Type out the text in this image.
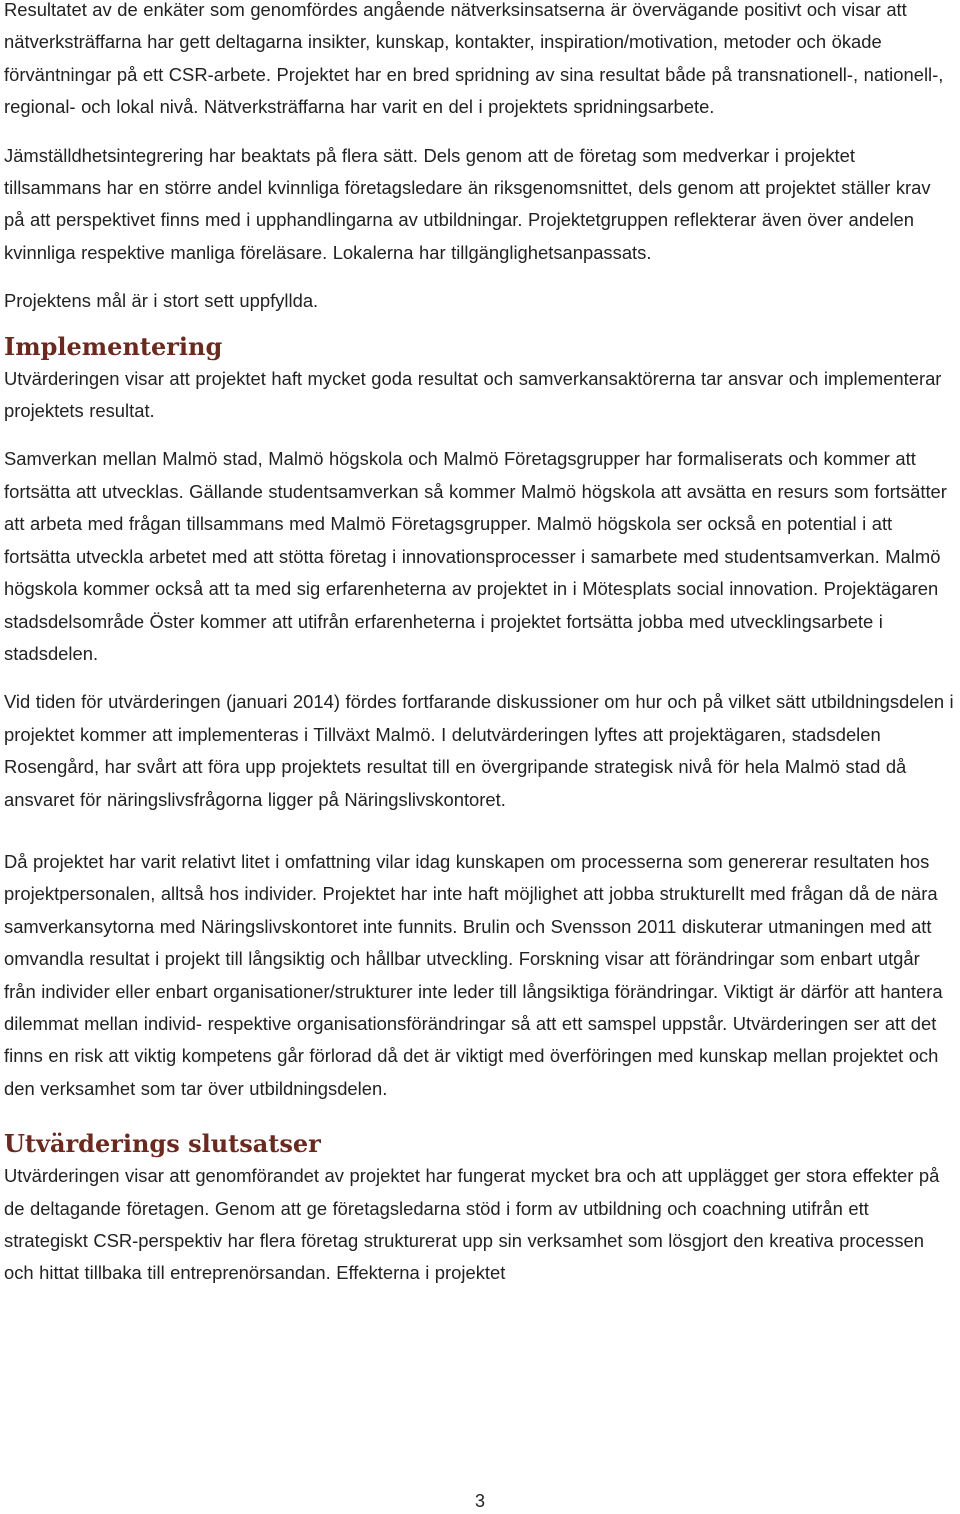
Resultatet av de enkäter som genomfördes angående nätverksinsatserna är övervägande positivt och visar att nätverksträffarna har gett deltagarna insikter, kunskap, kontakter, inspiration/motivation, metoder och ökade förväntningar på ett CSR-arbete. Projektet har en bred spridning av sina resultat både på transnationell-, nationell-, regional- och lokal nivå. Nätverksträffarna har varit en del i projektets spridningsarbete.

Jämställdhetsintegrering har beaktats på flera sätt. Dels genom att de företag som medverkar i projektet tillsammans har en större andel kvinnliga företagsledare än riksgenomsnittet, dels genom att projektet ställer krav på att perspektivet finns med i upphandlingarna av utbildningar. Projektetgruppen reflekterar även över andelen kvinnliga respektive manliga föreläsare. Lokalerna har tillgänglighetsanpassats.

Projektens mål är i stort sett uppfyllda.

Implementering

Utvärderingen visar att projektet haft mycket goda resultat och samverkansaktörerna tar ansvar och implementerar projektets resultat.

Samverkan mellan Malmö stad, Malmö högskola och Malmö Företagsgrupper har formaliserats och kommer att fortsätta att utvecklas. Gällande studentsamverkan så kommer Malmö högskola att avsätta en resurs som fortsätter att arbeta med frågan tillsammans med Malmö Företagsgrupper. Malmö högskola ser också en potential i att fortsätta utveckla arbetet med att stötta företag i innovationsprocesser i samarbete med studentsamverkan. Malmö högskola kommer också att ta med sig erfarenheterna av projektet in i Mötesplats social innovation. Projektägaren stadsdelsområde Öster kommer att utifrån erfarenheterna i projektet fortsätta jobba med utvecklingsarbete i stadsdelen.

Vid tiden för utvärderingen (januari 2014) fördes fortfarande diskussioner om hur och på vilket sätt utbildningsdelen i projektet kommer att implementeras i Tillväxt Malmö. I delutvärderingen lyftes att projektägaren, stadsdelen Rosengård, har svårt att föra upp projektets resultat till en övergripande strategisk nivå för hela Malmö stad då ansvaret för näringslivsfrågorna ligger på Näringslivskontoret.

Då projektet har varit relativt litet i omfattning vilar idag kunskapen om processerna som genererar resultaten hos projektpersonalen, alltså hos individer. Projektet har inte haft möjlighet att jobba strukturellt med frågan då de nära samverkansytorna med Näringslivskontoret inte funnits. Brulin och Svensson 2011 diskuterar utmaningen med att omvandla resultat i projekt till långsiktig och hållbar utveckling. Forskning visar att förändringar som enbart utgår från individer eller enbart organisationer/strukturer inte leder till långsiktiga förändringar. Viktigt är därför att hantera dilemmat mellan individ- respektive organisationsförändringar så att ett samspel uppstår. Utvärderingen ser att det finns en risk att viktig kompetens går förlorad då det är viktigt med överföringen med kunskap mellan projektet och den verksamhet som tar över utbildningsdelen.

Utvärderings slutsatser

Utvärderingen visar att genomförandet av projektet har fungerat mycket bra och att upplägget ger stora effekter på de deltagande företagen. Genom att ge företagsledarna stöd i form av utbildning och coachning utifrån ett strategiskt CSR-perspektiv har flera företag strukturerat upp sin verksamhet som lösgjort den kreativa processen och hittat tillbaka till entreprenörsandan. Effekterna i projektet

3
